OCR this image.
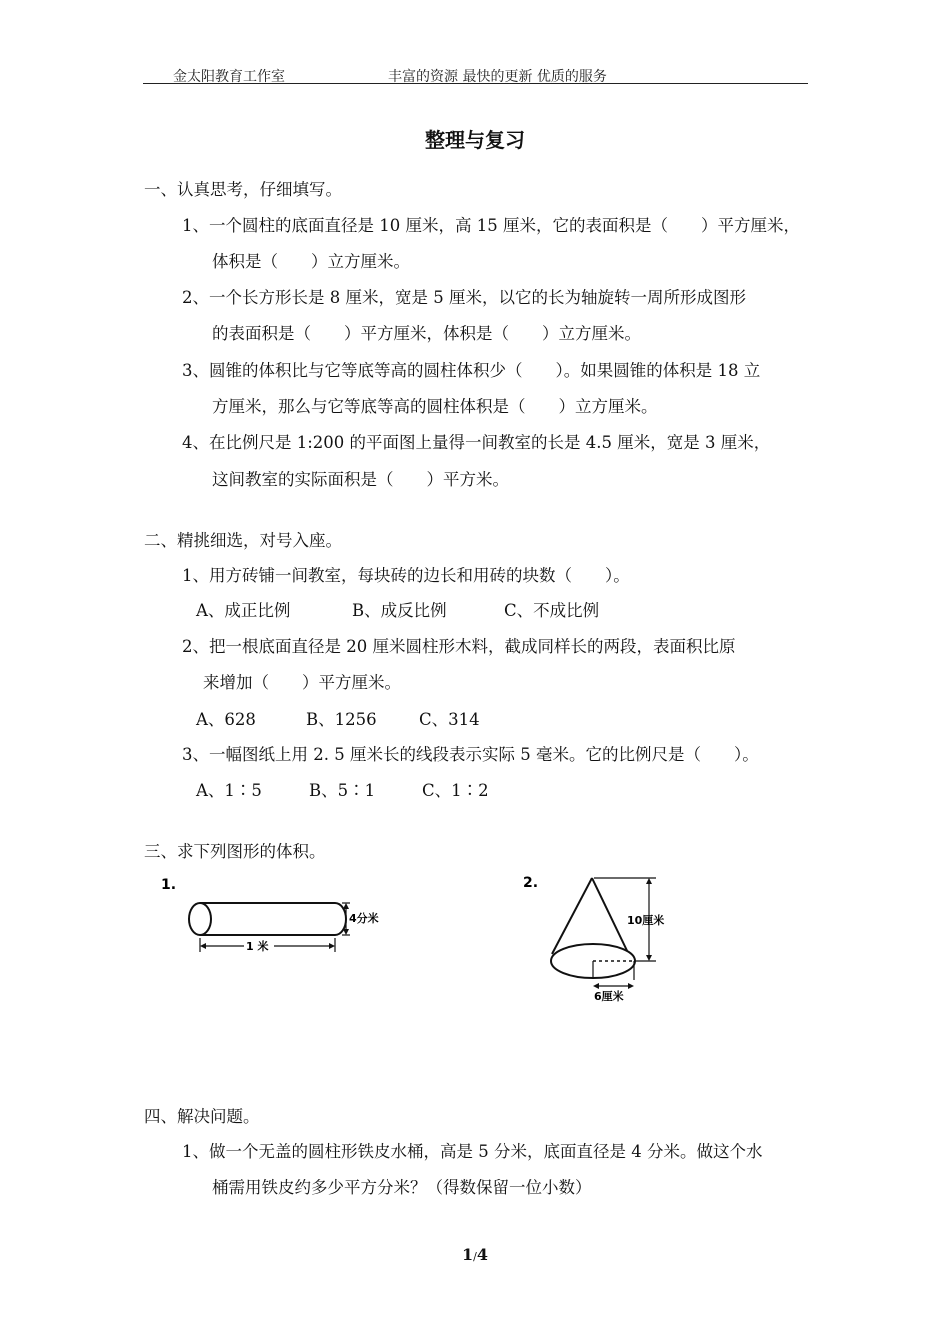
金太阳教育工作室	丰富的资源 最快的更新 优质的服务
整理与复习
一、认真思考，仔细填写。
1、一个圆柱的底面直径是 10 厘米，高 15 厘米，它的表面积是（　　）平方厘米，
体积是（　　）立方厘米。
2、一个长方形长是 8 厘米，宽是 5 厘米，以它的长为轴旋转一周所形成图形
的表面积是（　　）平方厘米，体积是（　　）立方厘米。
3、圆锥的体积比与它等底等高的圆柱体积少（　　）。如果圆锥的体积是 18 立
方厘米，那么与它等底等高的圆柱体积是（　　）立方厘米。
4、在比例尺是 1:200 的平面图上量得一间教室的长是 4.5 厘米，宽是 3 厘米，
这间教室的实际面积是（　　）平方米。
二、精挑细选，对号入座。
1、用方砖铺一间教室，每块砖的边长和用砖的块数（　　）。
A、成正比例	B、成反比例	C、不成比例
2、把一根底面直径是 20 厘米圆柱形木料，截成同样长的两段，表面积比原
来增加（　　）平方厘米。
A、628	B、1256	C、314
3、一幅图纸上用 2. 5 厘米长的线段表示实际 5 毫米。它的比例尺是（　　）。
A、1∶5	B、5∶1	C、1∶2
三、求下列图形的体积。
1.
4分米
1 米
2.
10厘米
6厘米
四、解决问题。
1、做一个无盖的圆柱形铁皮水桶，高是 5 分米，底面直径是 4 分米。做这个水
桶需用铁皮约多少平方分米？（得数保留一位小数）
1/4
